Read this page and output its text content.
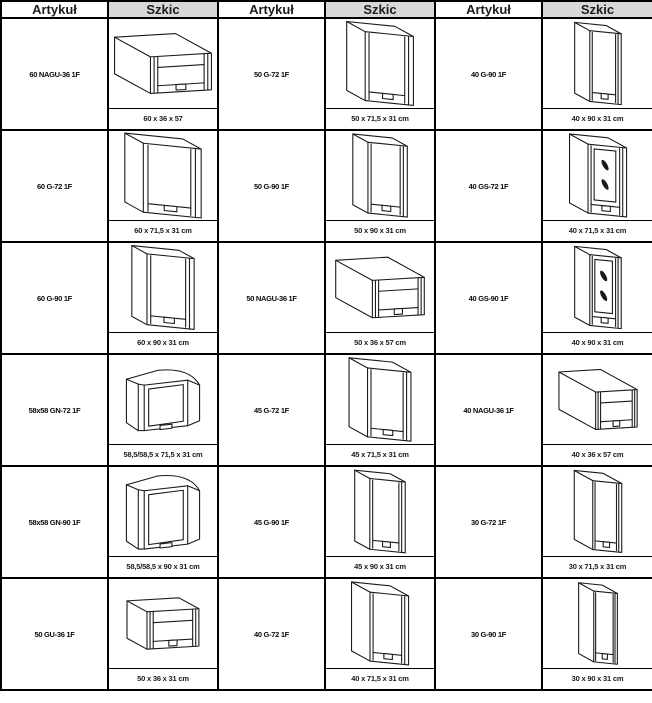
Artykuł	Szkic	Artykuł	Szkic	Artykuł	Szkic
60 NAGU-36 1F	60 x 36 x 57	50 G-72 1F	50 x 71,5 x 31 cm	40 G-90 1F	40 x 90 x 31 cm

60 G-72 1F	60 x 71,5 x 31 cm	50 G-90 1F	50 x 90 x 31 cm	40 GS-72 1F	40 x 71,5 x 31 cm

60 G-90 1F	60 x 90 x 31 cm	50 NAGU-36 1F	50 x 36 x 57 cm	40 GS-90 1F	40 x 90 x 31 cm

58x58 GN-72 1F	58,5/58,5 x 71,5 x 31 cm	45 G-72 1F	45 x 71,5 x 31 cm	40 NAGU-36 1F	40 x 36 x 57 cm

58x58 GN-90 1F	58,5/58,5 x 90 x 31 cm	45 G-90 1F	45 x 90 x 31 cm	30 G-72 1F	30 x 71,5 x 31 cm

50 GU-36 1F	50 x 36 x 31 cm	40 G-72 1F	40 x 71,5 x 31 cm	30 G-90 1F	30 x 90 x 31 cm
